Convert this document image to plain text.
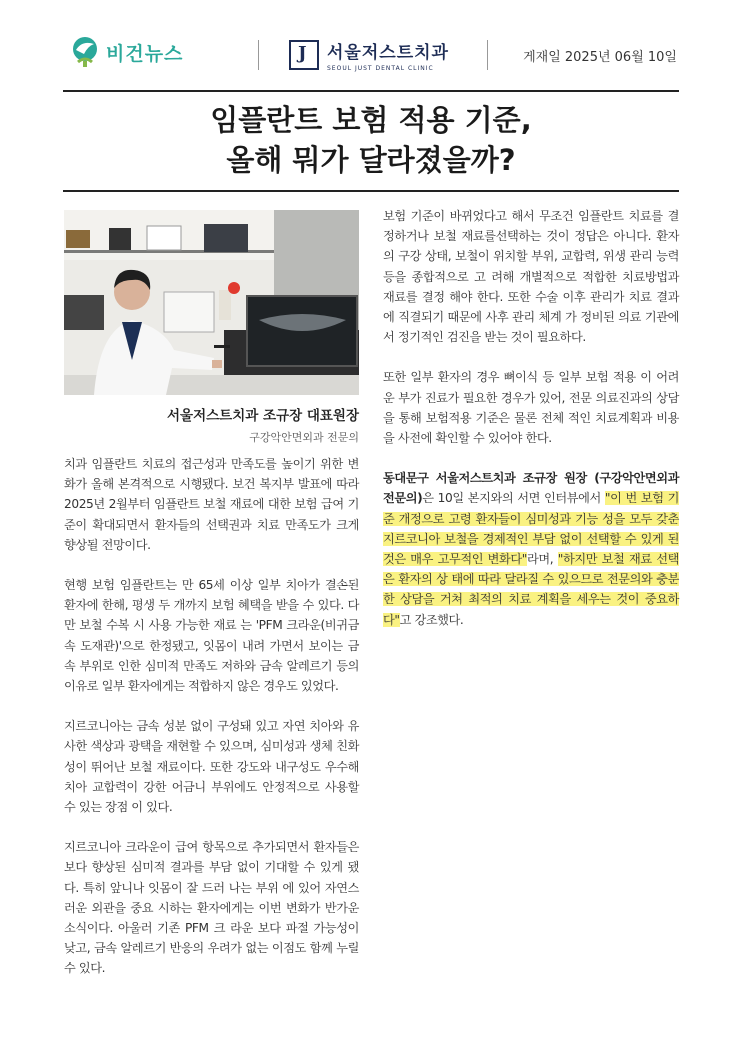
비건뉴스	J 서울저스트치과
SEOUL JUST DENTAL CLINIC
게재일 2025년 06월 10일
임플란트 보험 적용 기준,
올해 뭐가 달라졌을까?
서울저스트치과 조규장 대표원장
구강악안면외과 전문의

치과 임플란트 치료의 접근성과 만족도를 높이기 위한 변화가 올해 본격적으로 시행됐다. 보건 복지부 발표에 따라 2025년 2월부터 임플란트 보철 재료에 대한 보험 급여 기준이 확대되면서 환자들의 선택권과 치료 만족도가 크게 향상될 전망이다.

현행 보험 임플란트는 만 65세 이상 일부 치아가 결손된 환자에 한해, 평생 두 개까지 보험 혜택을 받을 수 있다. 다만 보철 수복 시 사용 가능한 재료 는 'PFM 크라운(비귀금속 도재관)'으로 한정됐고, 잇몸이 내려 가면서 보이는 금속 부위로 인한 심미적 만족도 저하와 금속 알레르기 등의 이유로 일부 환자에게는 적합하지 않은 경우도 있었다.

지르코니아는 금속 성분 없이 구성돼 있고 자연 치아와 유사한 색상과 광택을 재현할 수 있으며, 심미성과 생체 친화성이 뛰어난 보철 재료이다. 또한 강도와 내구성도 우수해 치아 교합력이 강한 어금니 부위에도 안정적으로 사용할 수 있는 장점 이 있다.

지르코니아 크라운이 급여 항목으로 추가되면서 환자들은 보다 향상된 심미적 결과를 부담 없이 기대할 수 있게 됐다. 특히 앞니나 잇몸이 잘 드러 나는 부위 에 있어 자연스러운 외관을 중요 시하는 환자에게는 이번 변화가 반가운 소식이다. 아울러 기존 PFM 크 라운 보다 파절 가능성이 낮고, 금속 알레르기 반응의 우려가 없는 이점도 함께 누릴 수 있다.

보험 기준이 바뀌었다고 해서 무조건 임플란트 치료를 결정하거나 보철 재료를선택하는 것이 정답은 아니다. 환자의 구강 상태, 보철이 위치할 부위, 교합력, 위생 관리 능력 등을 종합적으로 고 려해 개별적으로 적합한 치료방법과 재료를 결정 해야 한다. 또한 수술 이후 관리가 치료 결과에 직결되기 때문에 사후 관리 체계 가 정비된 의료 기관에서 정기적인 검진을 받는 것이 필요하다.

또한 일부 환자의 경우 뼈이식 등 일부 보험 적용 이 어려운 부가 진료가 필요한 경우가 있어, 전문 의료진과의 상담을 통해 보험적용 기준은 물론 전체 적인 치료계획과 비용을 사전에 확인할 수 있어야 한다.

동대문구 서울저스트치과 조규장 원장 (구강악안면외과 전문의)은 10일 본지와의 서면 인터뷰에서 "이 번 보험 기준 개정으로 고령 환자들이 심미성과 기능 성을 모두 갖춘 지르코니아 보철을 경제적인 부담 없이 선택할 수 있게 된 것은 매우 고무적인 변화다"라며, "하지만 보철 재료 선택은 환자의 상 태에 따라 달라질 수 있으므로 전문의와 충분한 상담을 거쳐 최적의 치료 계획을 세우는 것이 중요하다"고 강조했다.
